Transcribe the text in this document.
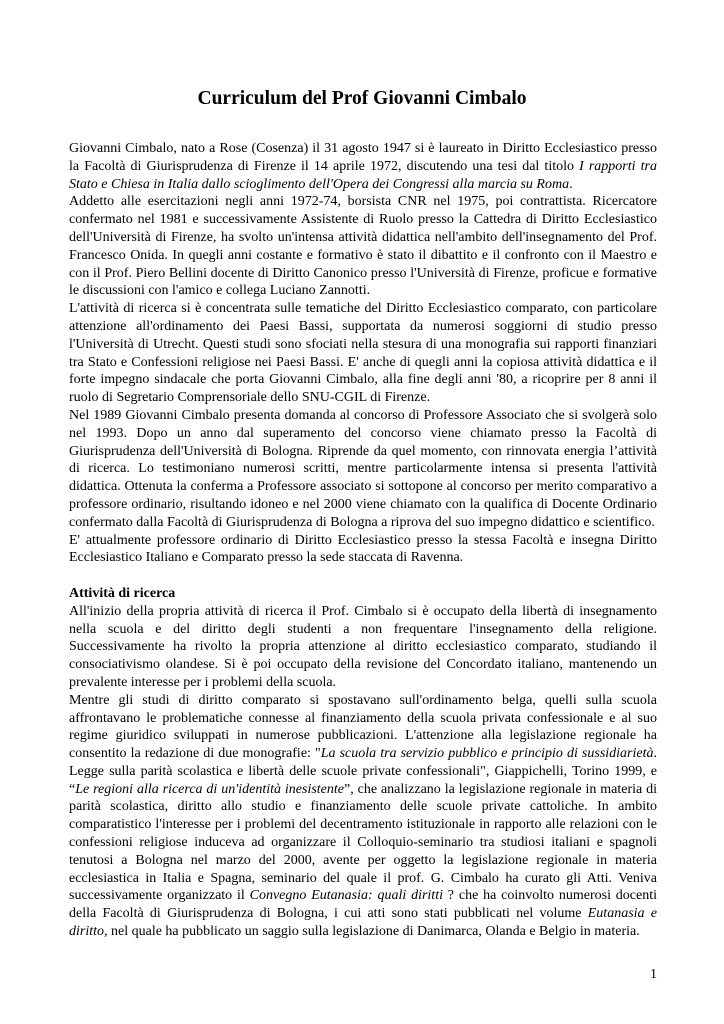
Curriculum del Prof Giovanni Cimbalo

Giovanni Cimbalo, nato a Rose (Cosenza) il 31 agosto 1947 si è laureato in Diritto Ecclesiastico presso la Facoltà di Giurisprudenza di Firenze il 14 aprile 1972, discutendo una tesi dal titolo I rapporti tra Stato e Chiesa in Italia dallo scioglimento dell'Opera dei Congressi alla marcia su Roma.

Addetto alle esercitazioni negli anni 1972-74, borsista CNR nel 1975, poi contrattista. Ricercatore confermato nel 1981 e successivamente Assistente di Ruolo presso la Cattedra di Diritto Ecclesiastico dell'Università di Firenze, ha svolto un'intensa attività didattica nell'ambito dell'insegnamento del Prof. Francesco Onida. In quegli anni costante e formativo è stato il dibattito e il confronto con il Maestro e con il Prof. Piero Bellini docente di Diritto Canonico presso l'Università di Firenze, proficue e formative le discussioni con l'amico e collega Luciano Zannotti.

L'attività di ricerca si è concentrata sulle tematiche del Diritto Ecclesiastico comparato, con particolare attenzione all'ordinamento dei Paesi Bassi, supportata da numerosi soggiorni di studio presso l'Università di Utrecht. Questi studi sono sfociati nella stesura di una monografia sui rapporti finanziari tra Stato e Confessioni religiose nei Paesi Bassi. E' anche di quegli anni la copiosa attività didattica e il forte impegno sindacale che porta Giovanni Cimbalo, alla fine degli anni '80, a ricoprire per 8 anni il ruolo di Segretario Comprensoriale dello SNU-CGIL di Firenze.

Nel 1989 Giovanni Cimbalo presenta domanda al concorso di Professore Associato che si svolgerà solo nel 1993. Dopo un anno dal superamento del concorso viene chiamato presso la Facoltà di Giurisprudenza dell'Università di Bologna. Riprende da quel momento, con rinnovata energia l’attività di ricerca. Lo testimoniano numerosi scritti, mentre particolarmente intensa si presenta l'attività didattica. Ottenuta la conferma a Professore associato si sottopone al concorso per merito comparativo a professore ordinario, risultando idoneo e nel 2000 viene chiamato con la qualifica di Docente Ordinario confermato dalla Facoltà di Giurisprudenza di Bologna a riprova del suo impegno didattico e scientifico.

E' attualmente professore ordinario di Diritto Ecclesiastico presso la stessa Facoltà e insegna Diritto Ecclesiastico Italiano e Comparato presso la sede staccata di Ravenna.

Attività di ricerca

All'inizio della propria attività di ricerca il Prof. Cimbalo si è occupato della libertà di insegnamento nella scuola e del diritto degli studenti a non frequentare l'insegnamento della religione. Successivamente ha rivolto la propria attenzione al diritto ecclesiastico comparato, studiando il consociativismo olandese. Si è poi occupato della revisione del Concordato italiano, mantenendo un prevalente interesse per i problemi della scuola.

Mentre gli studi di diritto comparato si spostavano sull'ordinamento belga, quelli sulla scuola affrontavano le problematiche connesse al finanziamento della scuola privata confessionale e al suo regime giuridico sviluppati in numerose pubblicazioni. L'attenzione alla legislazione regionale ha consentito la redazione di due monografie: "La scuola tra servizio pubblico e principio di sussidiarietà. Legge sulla parità scolastica e libertà delle scuole private confessionali", Giappichelli, Torino 1999, e “Le regioni alla ricerca di un'identità inesistente”, che analizzano la legislazione regionale in materia di parità scolastica, diritto allo studio e finanziamento delle scuole private cattoliche. In ambito comparatistico l'interesse per i problemi del decentramento istituzionale in rapporto alle relazioni con le confessioni religiose induceva ad organizzare il Colloquio-seminario tra studiosi italiani e spagnoli tenutosi a Bologna nel marzo del 2000, avente per oggetto la legislazione regionale in materia ecclesiastica in Italia e Spagna, seminario del quale il prof. G. Cimbalo ha curato gli Atti. Veniva successivamente organizzato il Convegno Eutanasia: quali diritti ? che ha coinvolto numerosi docenti della Facoltà di Giurisprudenza di Bologna, i cui atti sono stati pubblicati nel volume Eutanasia e diritto, nel quale ha pubblicato un saggio sulla legislazione di Danimarca, Olanda e Belgio in materia.

1
